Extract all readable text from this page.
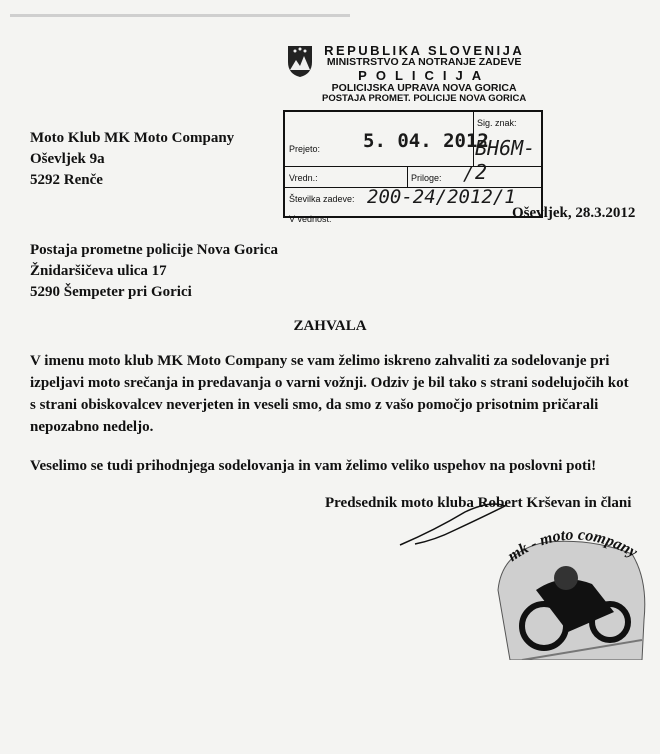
REPUBLIKA SLOVENIJA
MINISTRSTVO ZA NOTRANJE ZADEVE
POLICIJA
POLICIJSKA UPRAVA NOVA GORICA
POSTAJA PROMET. POLICIJE NOVA GORICA
Prejeto: 5. 04. 2012
Sig. znak:
BH6M-2
Vredn.:	Priloge: /
Številka zadeve: 200-24/2012/1
V vednost:
Moto Klub MK Moto Company
Oševljek 9a
5292 Renče
Oševljek, 28.3.2012
Postaja prometne policije Nova Gorica
Žnidaršičeva ulica 17
5290 Šempeter pri Gorici
ZAHVALA
V imenu moto klub MK Moto Company se vam želimo iskreno zahvaliti za sodelovanje pri
izpeljavi moto srečanja in predavanja o varni vožnji. Odziv je bil tako s strani sodelujočih kot
s strani obiskovalcev neverjeten in veseli smo, da smo z vašo pomočjo prisotnim pričarali
nepozabno nedeljo.
Veselimo se tudi prihodnjega sodelovanja in vam želimo veliko uspehov na poslovni poti!
Predsednik moto kluba Robert Krševan in člani
mk - moto company
